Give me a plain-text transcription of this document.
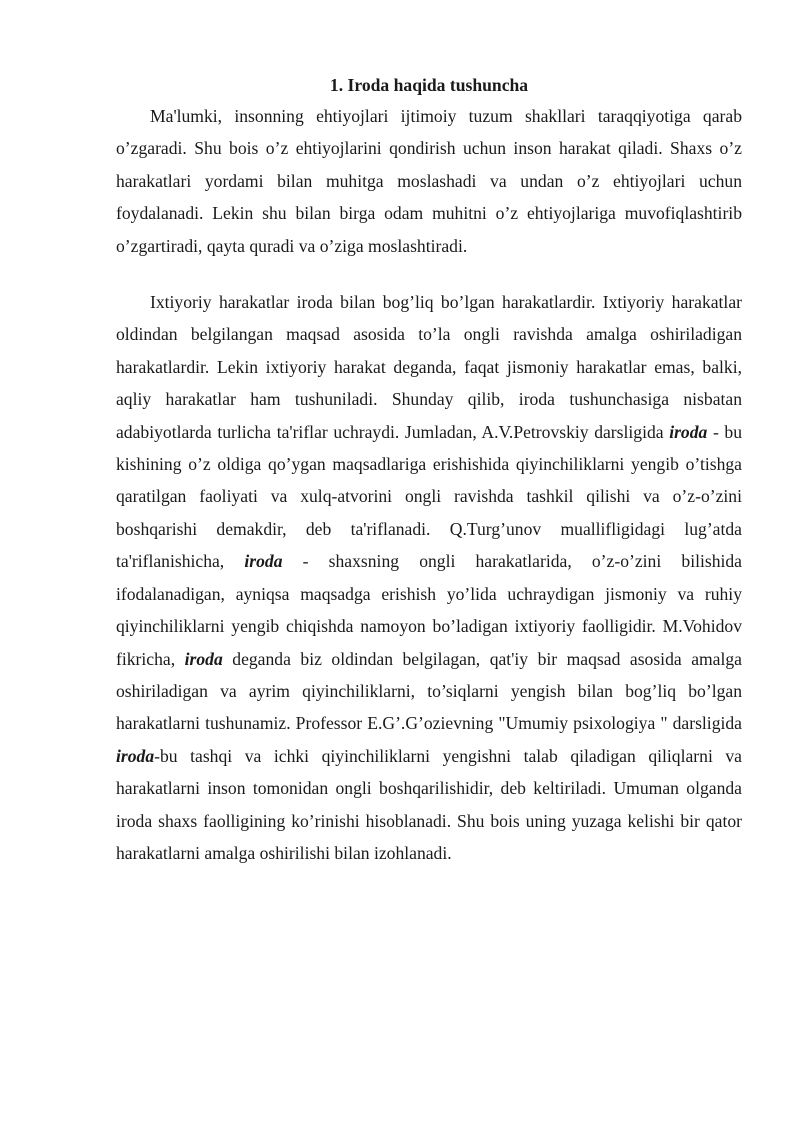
1. Iroda haqida tushuncha

Ma'lumki, insonning ehtiyojlari ijtimoiy tuzum shakllari taraqqiyotiga qarab o’zgaradi. Shu bois o’z ehtiyojlarini qondirish uchun inson harakat qiladi. Shaxs o’z harakatlari yordami bilan muhitga moslashadi va undan o’z ehtiyojlari uchun foydalanadi. Lekin shu bilan birga odam muhitni o’z ehtiyojlariga muvofiqlashtirib o’zgartiradi, qayta quradi va o’ziga moslashtiradi.

Ixtiyoriy harakatlar iroda bilan bog’liq bo’lgan harakatlardir. Ixtiyoriy harakatlar oldindan belgilangan maqsad asosida to’la ongli ravishda amalga oshiriladigan harakatlardir. Lekin ixtiyoriy harakat deganda, faqat jismoniy harakatlar emas, balki, aqliy harakatlar ham tushuniladi. Shunday qilib, iroda tushunchasiga nisbatan adabiyotlarda turlicha ta'riflar uchraydi. Jumladan, A.V.Petrovskiy darsligida iroda - bu kishining o’z oldiga qo’ygan maqsadlariga erishishida qiyinchiliklarni yengib o’tishga qaratilgan faoliyati va xulq-atvorini ongli ravishda tashkil qilishi va o’z-o’zini boshqarishi demakdir, deb ta'riflanadi. Q.Turg’unov muallifligidagi lug’atda ta'riflanishicha, iroda - shaxsning ongli harakatlarida, o’z-o’zini bilishida ifodalanadigan, ayniqsa maqsadga erishish yo’lida uchraydigan jismoniy va ruhiy qiyinchiliklarni yengib chiqishda namoyon bo’ladigan ixtiyoriy faolligidir. M.Vohidov fikricha, iroda deganda biz oldindan belgilagan, qat'iy bir maqsad asosida amalga oshiriladigan va ayrim qiyinchiliklarni, to’siqlarni yengish bilan bog’liq bo’lgan harakatlarni tushunamiz. Professor E.G’.G’ozievning "Umumiy psixologiya " darsligida iroda-bu tashqi va ichki qiyinchiliklarni yengishni talab qiladigan qiliqlarni va harakatlarni inson tomonidan ongli boshqarilishidir, deb keltiriladi. Umuman olganda iroda shaxs faolligining ko’rinishi hisoblanadi. Shu bois uning yuzaga kelishi bir qator harakatlarni amalga oshirilishi bilan izohlanadi.
